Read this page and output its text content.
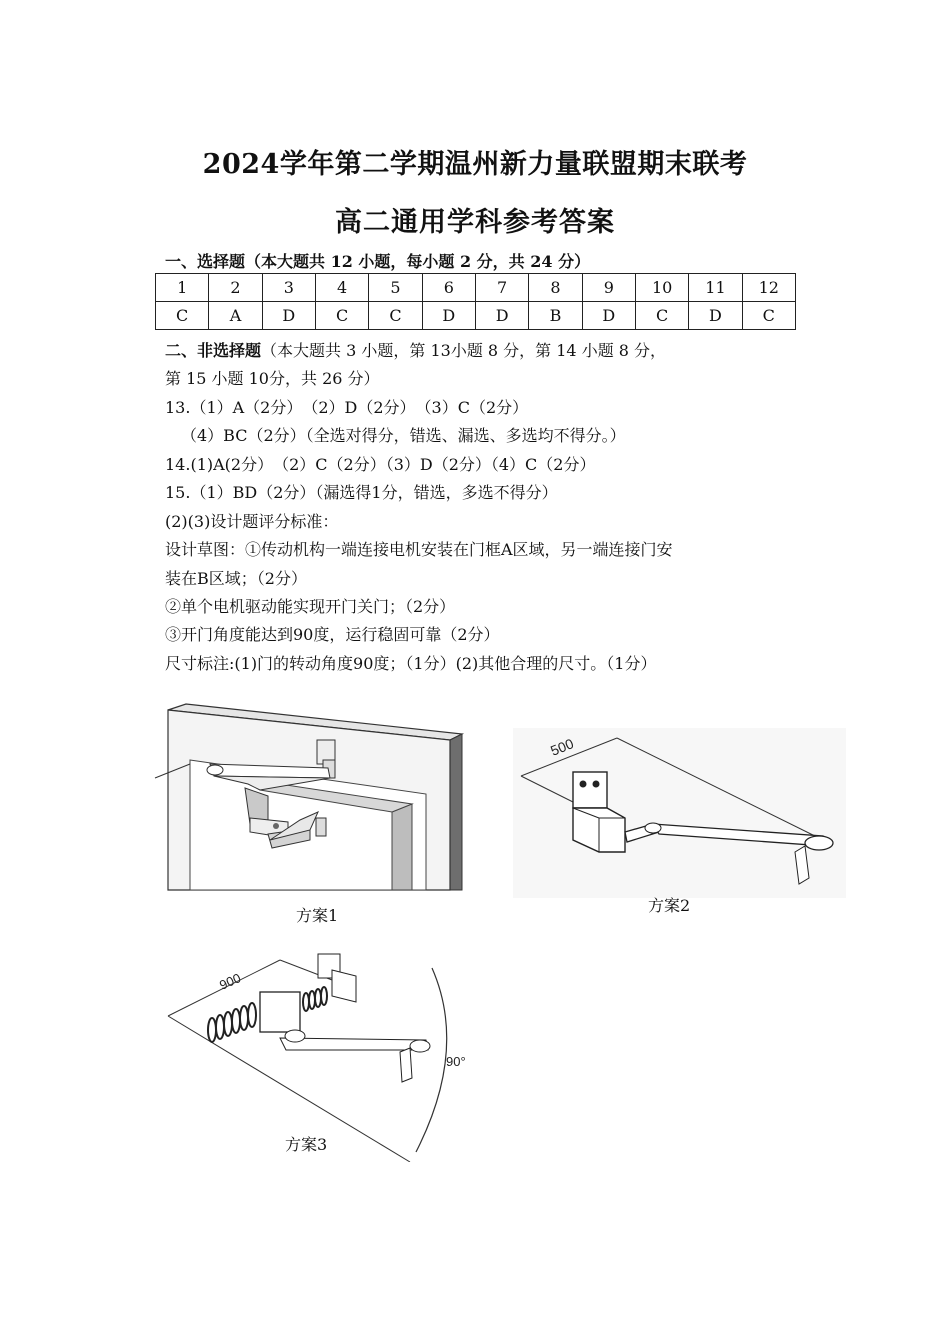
2024学年第二学期温州新力量联盟期末联考
高二通用学科参考答案
一、选择题（本大题共 12 小题，每小题 2 分，共 24 分）
1	2	3	4	5	6	7	8	9	10	11	12
C	A	D	C	C	D	D	B	D	C	D	C
二、非选择题（本大题共 3 小题，第 13小题 8 分，第 14 小题 8 分，
第 15 小题 10分，共 26 分）
13.（1）A（2分）　（2）D（2分）　（3）C（2分）
（4）BC（2分）（全选对得分，错选、漏选、多选均不得分。）
14.(1)A(2分）　（2）C（2分）（3）D（2分）（4）C（2分）
15.（1）BD（2分）（漏选得1分，错选，多选不得分）
(2)(3)设计题评分标准：
设计草图：①传动机构一端连接电机安装在门框A区域，另一端连接门安
装在B区域；（2分）
②单个电机驱动能实现开门关门；（2分）
③开门角度能达到90度，运行稳固可靠（2分）
尺寸标注:(1)门的转动角度90度；（1分）(2)其他合理的尺寸。（1分）
方案1
500
方案2
900
90°
方案3
